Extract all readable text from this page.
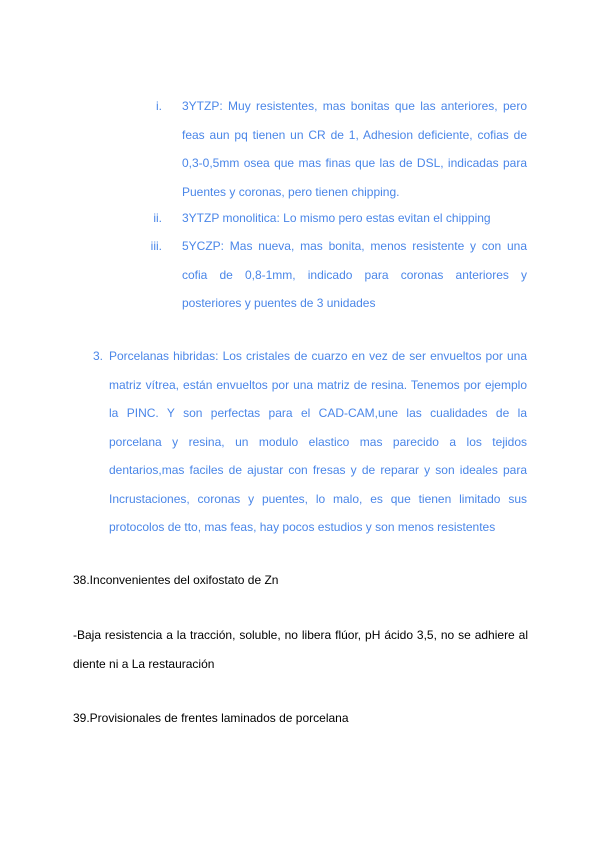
i. 3YTZP: Muy resistentes, mas bonitas que las anteriores, pero feas aun pq tienen un CR de 1, Adhesion deficiente, cofias de 0,3-0,5mm osea que mas finas que las de DSL, indicadas para Puentes y coronas, pero tienen chipping.
ii. 3YTZP monolitica: Lo mismo pero estas evitan el chipping
iii. 5YCZP: Mas nueva, mas bonita, menos resistente y con una cofia de 0,8-1mm, indicado para coronas anteriores y posteriores y puentes de 3 unidades
3. Porcelanas hibridas: Los cristales de cuarzo en vez de ser envueltos por una matriz vítrea, están envueltos por una matriz de resina. Tenemos por ejemplo la PINC. Y son perfectas para el CAD-CAM,une las cualidades de la porcelana y resina, un modulo elastico mas parecido a los tejidos dentarios,mas faciles de ajustar con fresas y de reparar y son ideales para Incrustaciones, coronas y puentes, lo malo, es que tienen limitado sus protocolos de tto, mas feas, hay pocos estudios y son menos resistentes
38.Inconvenientes del oxifostato de Zn
-Baja resistencia a la tracción, soluble, no libera flúor, pH ácido 3,5, no se adhiere al diente ni a La restauración
39.Provisionales de frentes laminados de porcelana
